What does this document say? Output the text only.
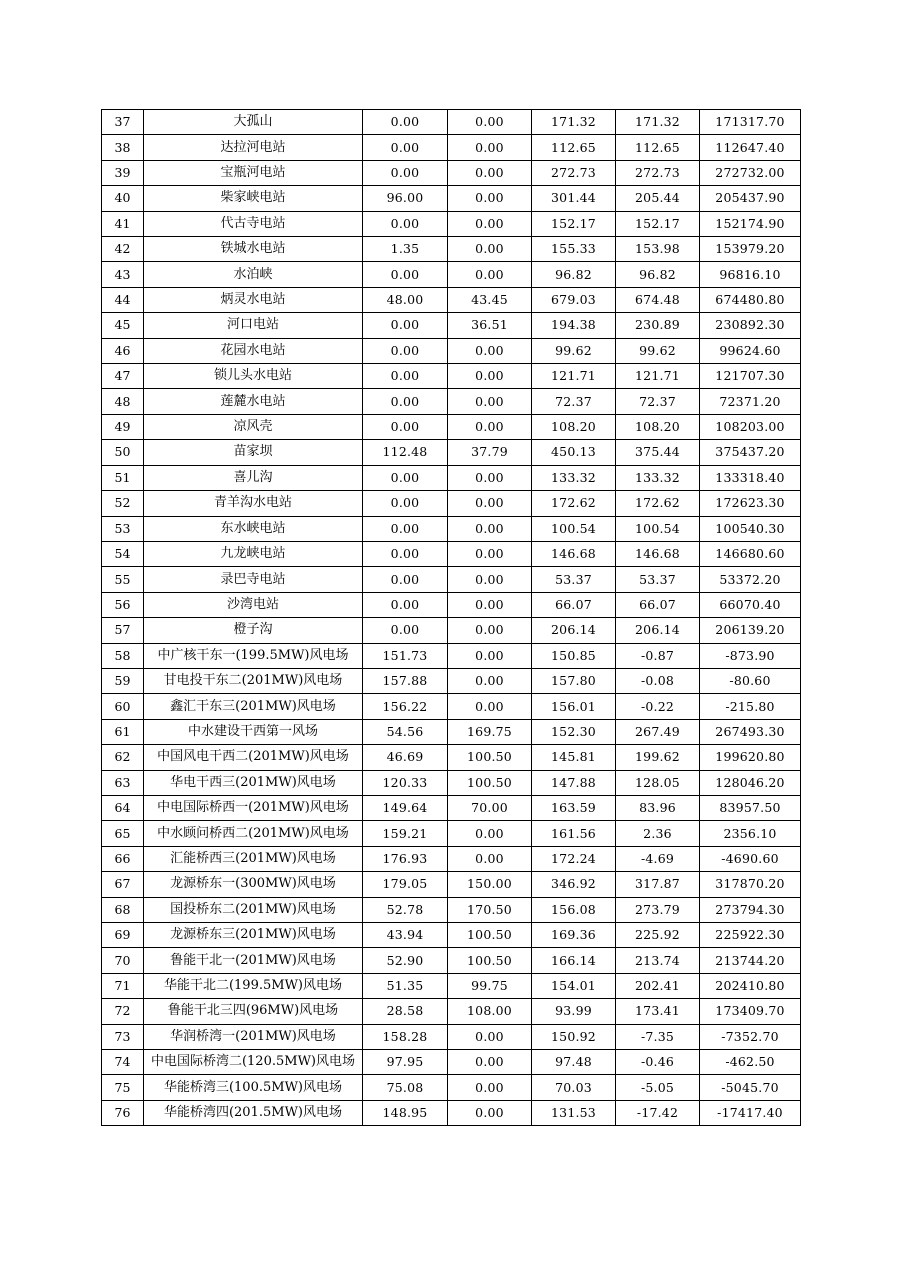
37	大孤山	0.00	0.00	171.32	171.32	171317.70
38	达拉河电站	0.00	0.00	112.65	112.65	112647.40
39	宝瓶河电站	0.00	0.00	272.73	272.73	272732.00
40	柴家峡电站	96.00	0.00	301.44	205.44	205437.90
41	代古寺电站	0.00	0.00	152.17	152.17	152174.90
42	铁城水电站	1.35	0.00	155.33	153.98	153979.20
43	水泊峡	0.00	0.00	96.82	96.82	96816.10
44	炳灵水电站	48.00	43.45	679.03	674.48	674480.80
45	河口电站	0.00	36.51	194.38	230.89	230892.30
46	花园水电站	0.00	0.00	99.62	99.62	99624.60
47	锁儿头水电站	0.00	0.00	121.71	121.71	121707.30
48	莲麓水电站	0.00	0.00	72.37	72.37	72371.20
49	凉风壳	0.00	0.00	108.20	108.20	108203.00
50	苗家坝	112.48	37.79	450.13	375.44	375437.20
51	喜儿沟	0.00	0.00	133.32	133.32	133318.40
52	青羊沟水电站	0.00	0.00	172.62	172.62	172623.30
53	东水峡电站	0.00	0.00	100.54	100.54	100540.30
54	九龙峡电站	0.00	0.00	146.68	146.68	146680.60
55	录巴寺电站	0.00	0.00	53.37	53.37	53372.20
56	沙湾电站	0.00	0.00	66.07	66.07	66070.40
57	橙子沟	0.00	0.00	206.14	206.14	206139.20
58	中广核干东一(199.5MW)风电场	151.73	0.00	150.85	-0.87	-873.90
59	甘电投干东二(201MW)风电场	157.88	0.00	157.80	-0.08	-80.60
60	鑫汇干东三(201MW)风电场	156.22	0.00	156.01	-0.22	-215.80
61	中水建设干西第一风场	54.56	169.75	152.30	267.49	267493.30
62	中国风电干西二(201MW)风电场	46.69	100.50	145.81	199.62	199620.80
63	华电干西三(201MW)风电场	120.33	100.50	147.88	128.05	128046.20
64	中电国际桥西一(201MW)风电场	149.64	70.00	163.59	83.96	83957.50
65	中水顾问桥西二(201MW)风电场	159.21	0.00	161.56	2.36	2356.10
66	汇能桥西三(201MW)风电场	176.93	0.00	172.24	-4.69	-4690.60
67	龙源桥东一(300MW)风电场	179.05	150.00	346.92	317.87	317870.20
68	国投桥东二(201MW)风电场	52.78	170.50	156.08	273.79	273794.30
69	龙源桥东三(201MW)风电场	43.94	100.50	169.36	225.92	225922.30
70	鲁能干北一(201MW)风电场	52.90	100.50	166.14	213.74	213744.20
71	华能干北二(199.5MW)风电场	51.35	99.75	154.01	202.41	202410.80
72	鲁能干北三四(96MW)风电场	28.58	108.00	93.99	173.41	173409.70
73	华润桥湾一(201MW)风电场	158.28	0.00	150.92	-7.35	-7352.70
74	中电国际桥湾二(120.5MW)风电场	97.95	0.00	97.48	-0.46	-462.50
75	华能桥湾三(100.5MW)风电场	75.08	0.00	70.03	-5.05	-5045.70
76	华能桥湾四(201.5MW)风电场	148.95	0.00	131.53	-17.42	-17417.40
